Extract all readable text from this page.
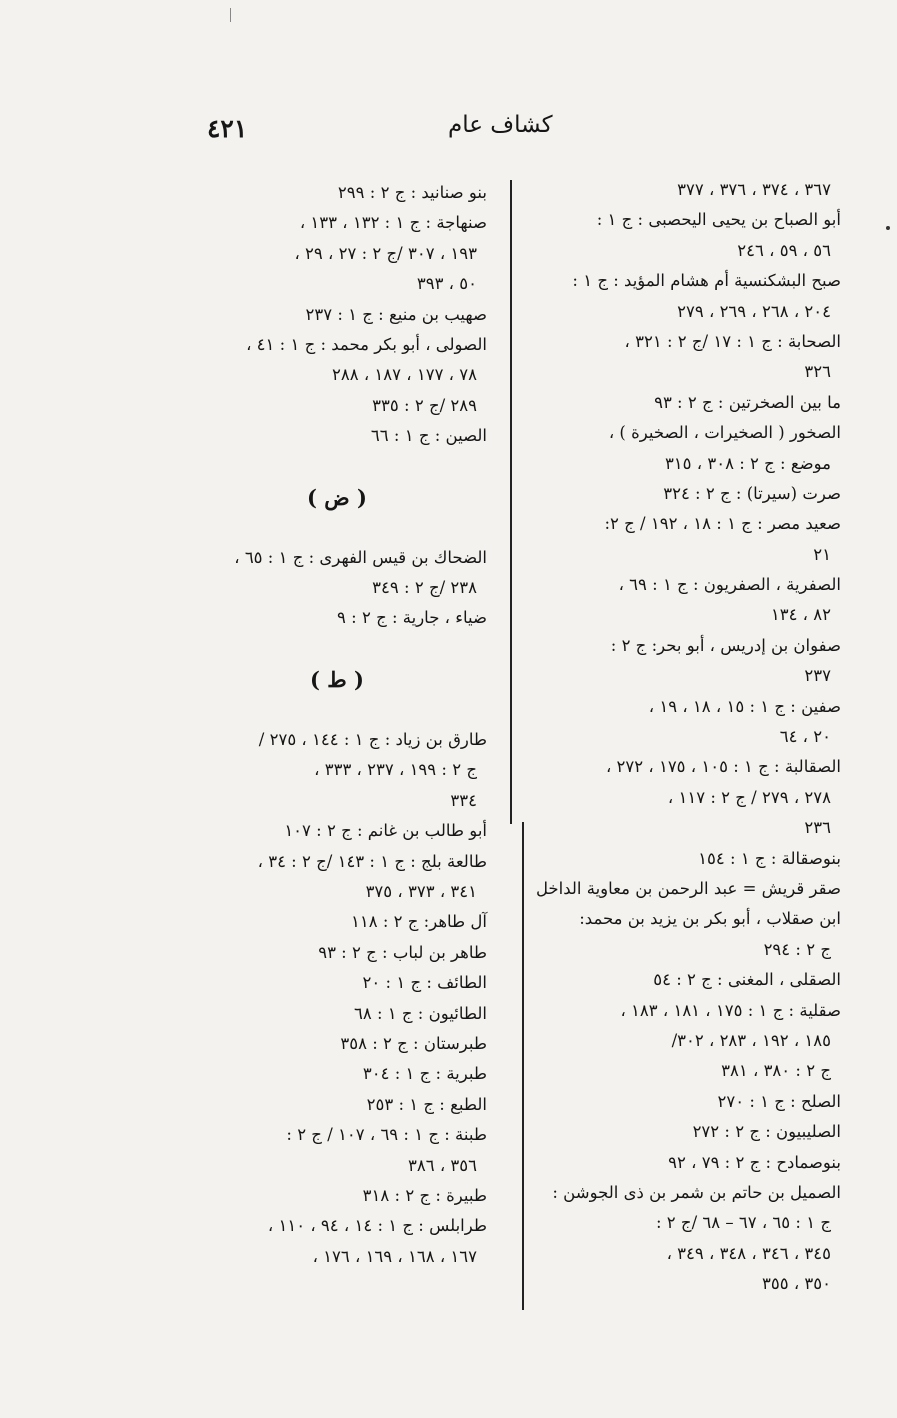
كشاف عام
٤٢١
٣٦٧ ، ٣٧٤ ، ٣٧٦ ، ٣٧٧
أبو الصباح بن يحيى اليحصبى : ج ١ :
٥٦ ، ٥٩ ، ٢٤٦
صبح البشكنسية أم هشام المؤيد : ج ١ :
٢٠٤ ، ٢٦٨ ، ٢٦٩ ، ٢٧٩
الصحابة : ج ١ : ١٧ /ج ٢ : ٣٢١ ،
٣٢٦
ما بين الصخرتين : ج ٢ : ٩٣
الصخور ( الصخيرات ، الصخيرة ) ،
موضع : ج ٢ : ٣٠٨ ، ٣١٥
صرت (سيرتا) : ج ٢ : ٣٢٤
صعيد مصر : ج ١ : ١٨ ، ١٩٢ / ج ٢:
٢١
الصفرية ، الصفريون : ج ١ : ٦٩ ،
٨٢ ، ١٣٤
صفوان بن إدريس ، أبو بحر: ج ٢ :
٢٣٧
صفين : ج ١ : ١٥ ، ١٨ ، ١٩ ،
٢٠ ، ٦٤
الصقالبة : ج ١ : ١٠٥ ، ١٧٥ ، ٢٧٢ ،
٢٧٨ ، ٢٧٩ / ج ٢ : ١١٧ ،
٢٣٦
بنوصقالة : ج ١ : ١٥٤
صقر قريش = عبد الرحمن بن معاوية الداخل
ابن صقلاب ، أبو بكر بن يزيد بن محمد:
ج ٢ : ٢٩٤
الصقلى ، المغنى : ج ٢ : ٥٤
صقلية : ج ١ : ١٧٥ ، ١٨١ ، ١٨٣ ،
١٨٥ ، ١٩٢ ، ٢٨٣ ، ٣٠٢/
ج ٢ : ٣٨٠ ، ٣٨١
الصلح : ج ١ : ٢٧٠
الصليبيون : ج ٢ : ٢٧٢
بنوصمادح : ج ٢ : ٧٩ ، ٩٢
الصميل بن حاتم بن شمر بن ذى الجوشن :
ج ١ : ٦٥ ، ٦٧ – ٦٨ /ج ٢ :
٣٤٥ ، ٣٤٦ ، ٣٤٨ ، ٣٤٩ ،
٣٥٠ ، ٣٥٥
بنو صنانيد : ج ٢ : ٢٩٩
صنهاجة : ج ١ : ١٣٢ ، ١٣٣ ،
١٩٣ ، ٣٠٧ /ج ٢ : ٢٧ ، ٢٩ ،
٥٠ ، ٣٩٣
صهيب بن منيع : ج ١ : ٢٣٧
الصولى ، أبو بكر محمد : ج ١ : ٤١ ،
٧٨ ، ١٧٧ ، ١٨٧ ، ٢٨٨
٢٨٩ /ج ٢ : ٣٣٥
الصين : ج ١ : ٦٦
( ض )
الضحاك بن قيس الفهرى : ج ١ : ٦٥ ،
٢٣٨ /ج ٢ : ٣٤٩
ضياء ، جارية : ج ٢ : ٩
( ط )
طارق بن زياد : ج ١ : ١٤٤ ، ٢٧٥ /
ج ٢ : ١٩٩ ، ٢٣٧ ، ٣٣٣ ،
٣٣٤
أبو طالب بن غانم : ج ٢ : ١٠٧
طالعة بلج : ج ١ : ١٤٣ /ج ٢ : ٣٤ ،
٣٤١ ، ٣٧٣ ، ٣٧٥
آل طاهر: ج ٢ : ١١٨
طاهر بن لباب : ج ٢ : ٩٣
الطائف : ج ١ : ٢٠
الطائيون : ج ١ : ٦٨
طبرستان : ج ٢ : ٣٥٨
طبرية : ج ١ : ٣٠٤
الطبع : ج ١ : ٢٥٣
طبنة : ج ١ : ٦٩ ، ١٠٧ / ج ٢ :
٣٥٦ ، ٣٨٦
طبيرة : ج ٢ : ٣١٨
طرابلس : ج ١ : ١٤ ، ٩٤ ، ١١٠ ،
١٦٧ ، ١٦٨ ، ١٦٩ ، ١٧٦ ،
